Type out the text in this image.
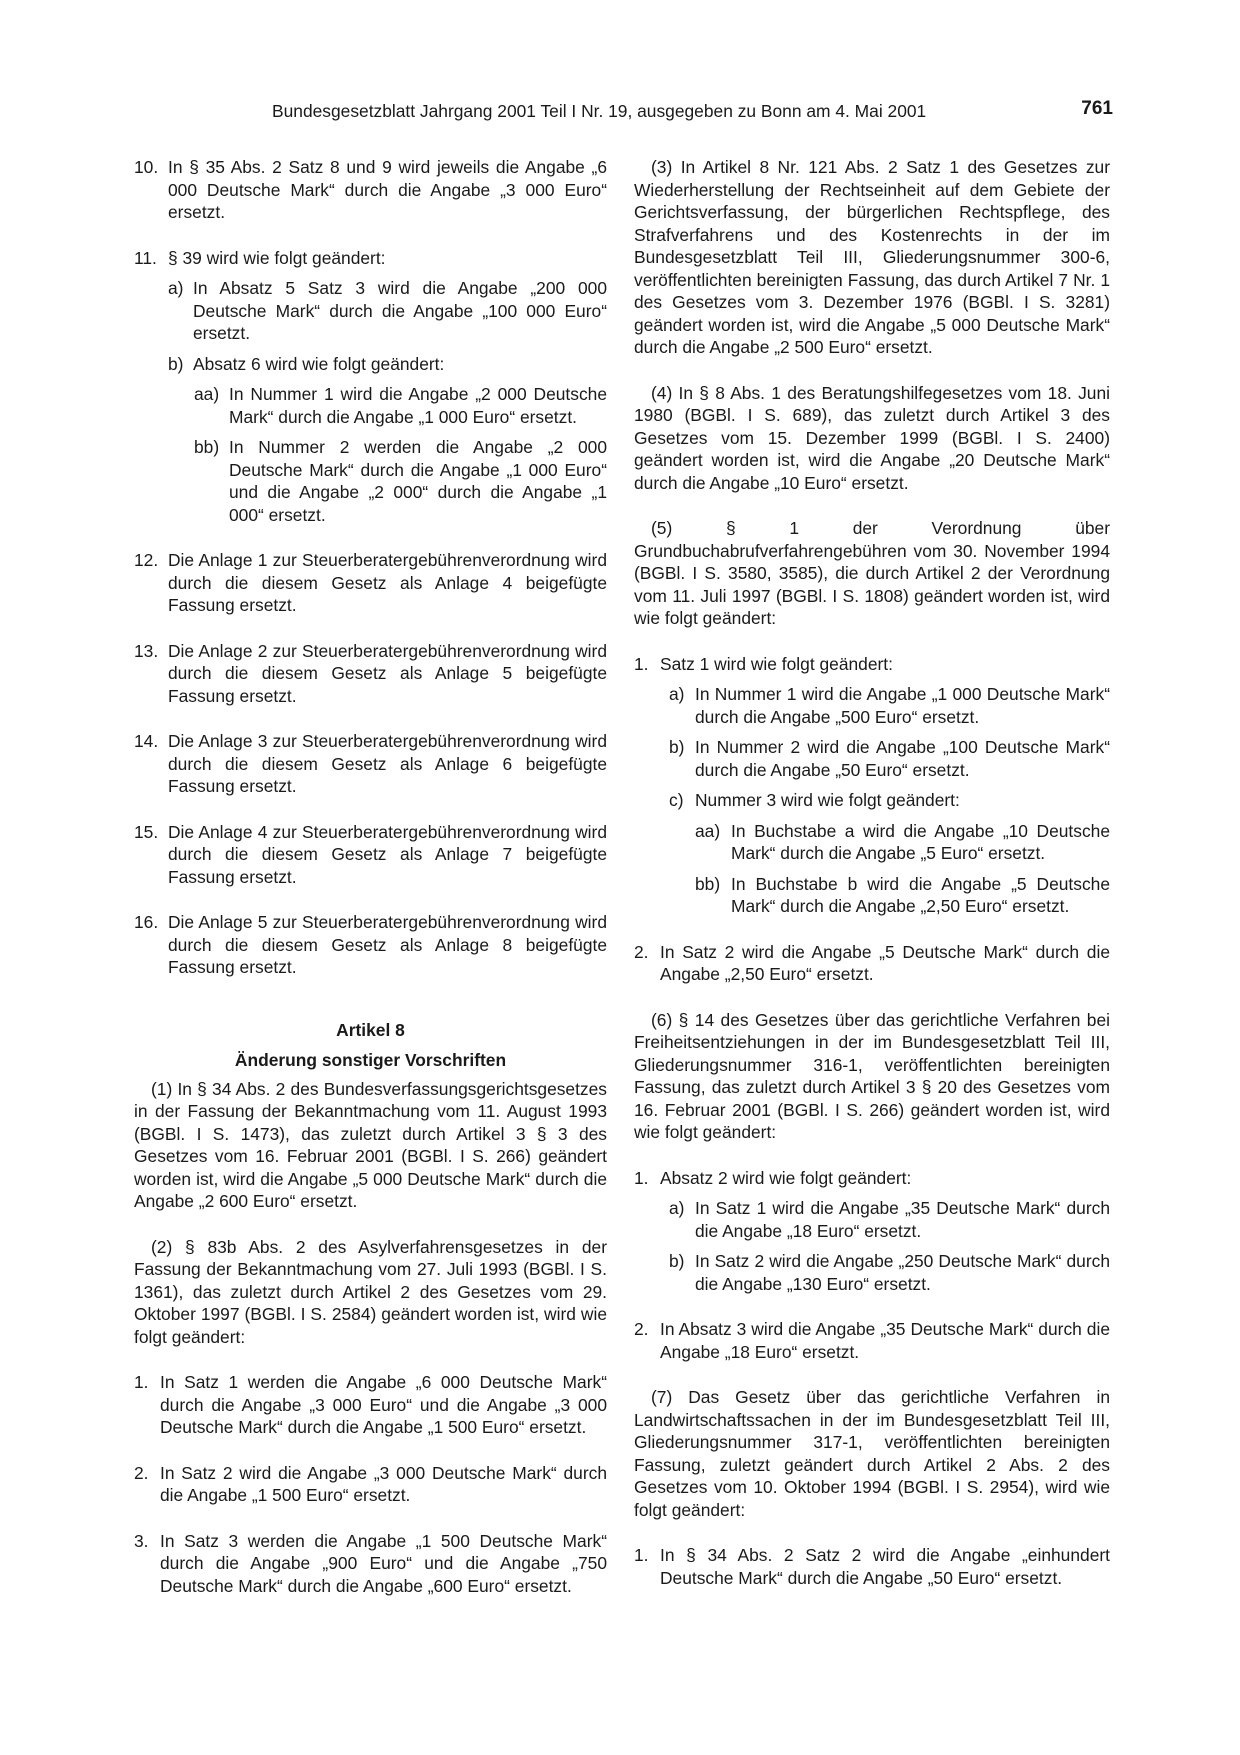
Bundesgesetzblatt Jahrgang 2001 Teil I Nr. 19, ausgegeben zu Bonn am 4. Mai 2001	761
10. In § 35 Abs. 2 Satz 8 und 9 wird jeweils die Angabe „6 000 Deutsche Mark“ durch die Angabe „3 000 Euro“ ersetzt.
11. § 39 wird wie folgt geändert:
a) In Absatz 5 Satz 3 wird die Angabe „200 000 Deutsche Mark“ durch die Angabe „100 000 Euro“ ersetzt.
b) Absatz 6 wird wie folgt geändert:
aa) In Nummer 1 wird die Angabe „2 000 Deutsche Mark“ durch die Angabe „1 000 Euro“ ersetzt.
bb) In Nummer 2 werden die Angabe „2 000 Deutsche Mark“ durch die Angabe „1 000 Euro“ und die Angabe „2 000“ durch die Angabe „1 000“ ersetzt.
12. Die Anlage 1 zur Steuerberatergebührenverordnung wird durch die diesem Gesetz als Anlage 4 beigefügte Fassung ersetzt.
13. Die Anlage 2 zur Steuerberatergebührenverordnung wird durch die diesem Gesetz als Anlage 5 beigefügte Fassung ersetzt.
14. Die Anlage 3 zur Steuerberatergebührenverordnung wird durch die diesem Gesetz als Anlage 6 beigefügte Fassung ersetzt.
15. Die Anlage 4 zur Steuerberatergebührenverordnung wird durch die diesem Gesetz als Anlage 7 beigefügte Fassung ersetzt.
16. Die Anlage 5 zur Steuerberatergebührenverordnung wird durch die diesem Gesetz als Anlage 8 beigefügte Fassung ersetzt.
Artikel 8
Änderung sonstiger Vorschriften
(1) In § 34 Abs. 2 des Bundesverfassungsgerichtsgesetzes in der Fassung der Bekanntmachung vom 11. August 1993 (BGBl. I S. 1473), das zuletzt durch Artikel 3 § 3 des Gesetzes vom 16. Februar 2001 (BGBl. I S. 266) geändert worden ist, wird die Angabe „5 000 Deutsche Mark“ durch die Angabe „2 600 Euro“ ersetzt.
(2) § 83b Abs. 2 des Asylverfahrensgesetzes in der Fassung der Bekanntmachung vom 27. Juli 1993 (BGBl. I S. 1361), das zuletzt durch Artikel 2 des Gesetzes vom 29. Oktober 1997 (BGBl. I S. 2584) geändert worden ist, wird wie folgt geändert:
1. In Satz 1 werden die Angabe „6 000 Deutsche Mark“ durch die Angabe „3 000 Euro“ und die Angabe „3 000 Deutsche Mark“ durch die Angabe „1 500 Euro“ ersetzt.
2. In Satz 2 wird die Angabe „3 000 Deutsche Mark“ durch die Angabe „1 500 Euro“ ersetzt.
3. In Satz 3 werden die Angabe „1 500 Deutsche Mark“ durch die Angabe „900 Euro“ und die Angabe „750 Deutsche Mark“ durch die Angabe „600 Euro“ ersetzt.
(3) In Artikel 8 Nr. 121 Abs. 2 Satz 1 des Gesetzes zur Wiederherstellung der Rechtseinheit auf dem Gebiete der Gerichtsverfassung, der bürgerlichen Rechtspflege, des Strafverfahrens und des Kostenrechts in der im Bundesgesetzblatt Teil III, Gliederungsnummer 300-6, veröffentlichten bereinigten Fassung, das durch Artikel 7 Nr. 1 des Gesetzes vom 3. Dezember 1976 (BGBl. I S. 3281) geändert worden ist, wird die Angabe „5 000 Deutsche Mark“ durch die Angabe „2 500 Euro“ ersetzt.
(4) In § 8 Abs. 1 des Beratungshilfegesetzes vom 18. Juni 1980 (BGBl. I S. 689), das zuletzt durch Artikel 3 des Gesetzes vom 15. Dezember 1999 (BGBl. I S. 2400) geändert worden ist, wird die Angabe „20 Deutsche Mark“ durch die Angabe „10 Euro“ ersetzt.
(5) § 1 der Verordnung über Grundbuchabrufverfahrengebühren vom 30. November 1994 (BGBl. I S. 3580, 3585), die durch Artikel 2 der Verordnung vom 11. Juli 1997 (BGBl. I S. 1808) geändert worden ist, wird wie folgt geändert:
1. Satz 1 wird wie folgt geändert:
a) In Nummer 1 wird die Angabe „1 000 Deutsche Mark“ durch die Angabe „500 Euro“ ersetzt.
b) In Nummer 2 wird die Angabe „100 Deutsche Mark“ durch die Angabe „50 Euro“ ersetzt.
c) Nummer 3 wird wie folgt geändert:
aa) In Buchstabe a wird die Angabe „10 Deutsche Mark“ durch die Angabe „5 Euro“ ersetzt.
bb) In Buchstabe b wird die Angabe „5 Deutsche Mark“ durch die Angabe „2,50 Euro“ ersetzt.
2. In Satz 2 wird die Angabe „5 Deutsche Mark“ durch die Angabe „2,50 Euro“ ersetzt.
(6) § 14 des Gesetzes über das gerichtliche Verfahren bei Freiheitsentziehungen in der im Bundesgesetzblatt Teil III, Gliederungsnummer 316-1, veröffentlichten bereinigten Fassung, das zuletzt durch Artikel 3 § 20 des Gesetzes vom 16. Februar 2001 (BGBl. I S. 266) geändert worden ist, wird wie folgt geändert:
1. Absatz 2 wird wie folgt geändert:
a) In Satz 1 wird die Angabe „35 Deutsche Mark“ durch die Angabe „18 Euro“ ersetzt.
b) In Satz 2 wird die Angabe „250 Deutsche Mark“ durch die Angabe „130 Euro“ ersetzt.
2. In Absatz 3 wird die Angabe „35 Deutsche Mark“ durch die Angabe „18 Euro“ ersetzt.
(7) Das Gesetz über das gerichtliche Verfahren in Landwirtschaftssachen in der im Bundesgesetzblatt Teil III, Gliederungsnummer 317-1, veröffentlichten bereinigten Fassung, zuletzt geändert durch Artikel 2 Abs. 2 des Gesetzes vom 10. Oktober 1994 (BGBl. I S. 2954), wird wie folgt geändert:
1. In § 34 Abs. 2 Satz 2 wird die Angabe „einhundert Deutsche Mark“ durch die Angabe „50 Euro“ ersetzt.
